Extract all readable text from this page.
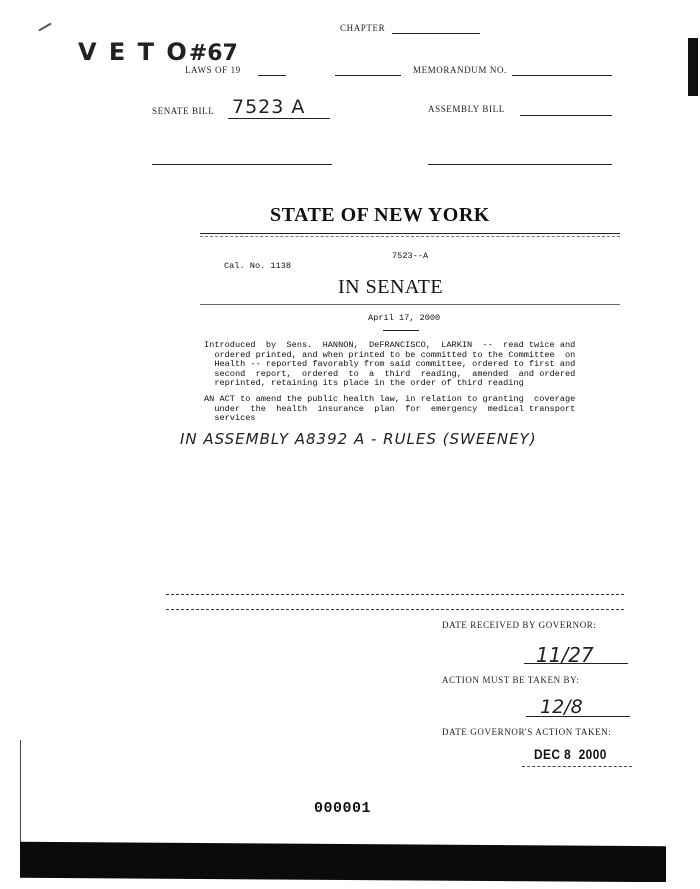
CHAPTER
V E T O#67
LAWS OF 19	MEMORANDUM NO.
SENATE BILL 7523 A	ASSEMBLY BILL
STATE OF NEW YORK
7523--A
Cal. No. 1138
IN SENATE
April 17, 2000
Introduced  by  Sens.  HANNON,  DeFRANCISCO,  LARKIN  --  read twice and
ordered printed, and when printed to be committed to the Committee  on
Health -- reported favorably from said committee, ordered to first and
second  report,  ordered  to  a  third  reading,  amended  and ordered
reprinted, retaining its place in the order of third reading
AN ACT to amend the public health law, in relation to granting  coverage
under  the  health  insurance  plan  for  emergency  medical transport
services
IN ASSEMBLY A8392 A - RULES (SWEENEY)
DATE RECEIVED BY GOVERNOR:
11/27
ACTION MUST BE TAKEN BY:
12/8
DATE GOVERNOR'S ACTION TAKEN:
DEC 8  2000
000001
